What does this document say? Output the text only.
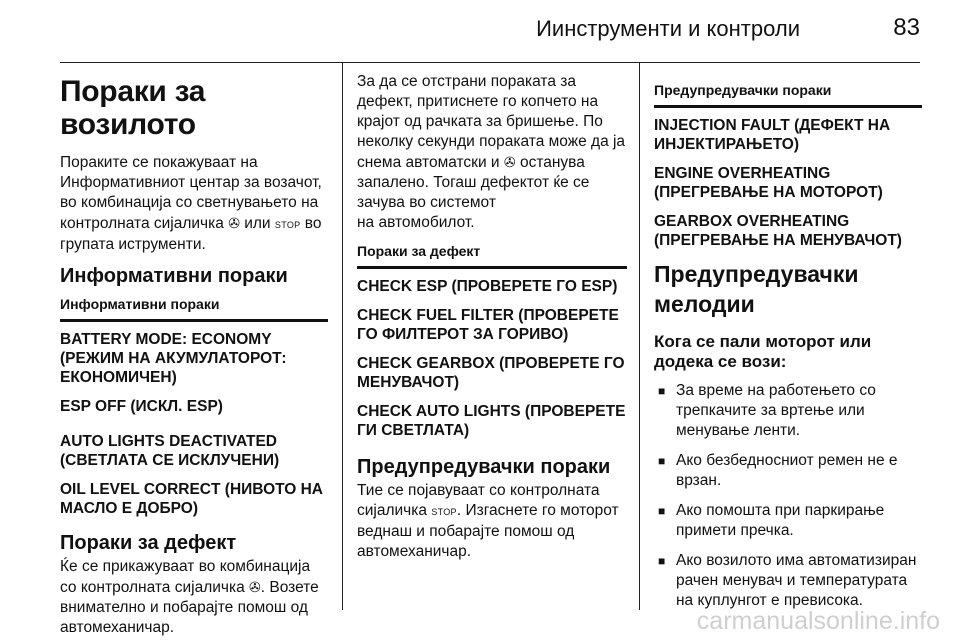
Иинструменти и контроли	83
Пораки за возилото
Пораките се покажуваат на Информативниот центар за возачот, во комбинација со светнувањето на контролната сијаличка ✇ или STOP во групата иструменти.
Информативни пораки
Информативни пораки
BATTERY MODE: ECONOMY (РЕЖИМ НА АКУМУЛАТОРОТ: ЕКОНОМИЧЕН)
ESP OFF (ИСКЛ. ESP)
AUTO LIGHTS DEACTIVATED (СВЕТЛАТА СЕ ИСКЛУЧЕНИ)
OIL LEVEL CORRECT (НИВОТО НА МАСЛО Е ДОБРО)
Пораки за дефект
Ќе се прикажуваат во комбинација со контролната сијаличка ✇. Возете внимателно и побарајте помош од автомеханичар.
За да се отстрани пораката за дефект, притиснете го копчето на крајот од рачката за бришење. По неколку секунди пораката може да ја снема автоматски и ✇ останува запалено. Тогаш дефектот ќе се зачува во системот
на автомобилот.
Пораки за дефект
CHECK ESP (ПРОВЕРЕТЕ ГО ESP)
CHECK FUEL FILTER (ПРОВЕРЕТЕ ГО ФИЛТЕРОТ ЗА ГОРИВО)
CHECK GEARBOX (ПРОВЕРЕТЕ ГО МЕНУВАЧОТ)
CHECK AUTO LIGHTS (ПРОВЕРЕТЕ ГИ СВЕТЛАТА)
Предупредувачки пораки
Тие се појавуваат со контролната сијаличка STOP. Изгаснете го моторот веднаш и побарајте помош од автомеханичар.
Предупредувачки пораки
INJECTION FAULT (ДЕФЕКТ НА ИНЈЕКТИРАЊЕТО)
ENGINE OVERHEATING (ПРЕГРЕВАЊЕ НА МОТОРОТ)
GEARBOX OVERHEATING (ПРЕГРЕВАЊЕ НА МЕНУВАЧОТ)
Предупредувачки мелодии
Кога се пали моторот или додека се вози:
■ За време на работењето со трепкачите за вртење или менување ленти.
■ Ако безбедносниот ремен не е врзан.
■ Ако помошта при паркирање примети пречка.
■ Ако возилото има автоматизиран рачен менувач и температурата на куплунгот е превисока.
carmanualsonline.info
